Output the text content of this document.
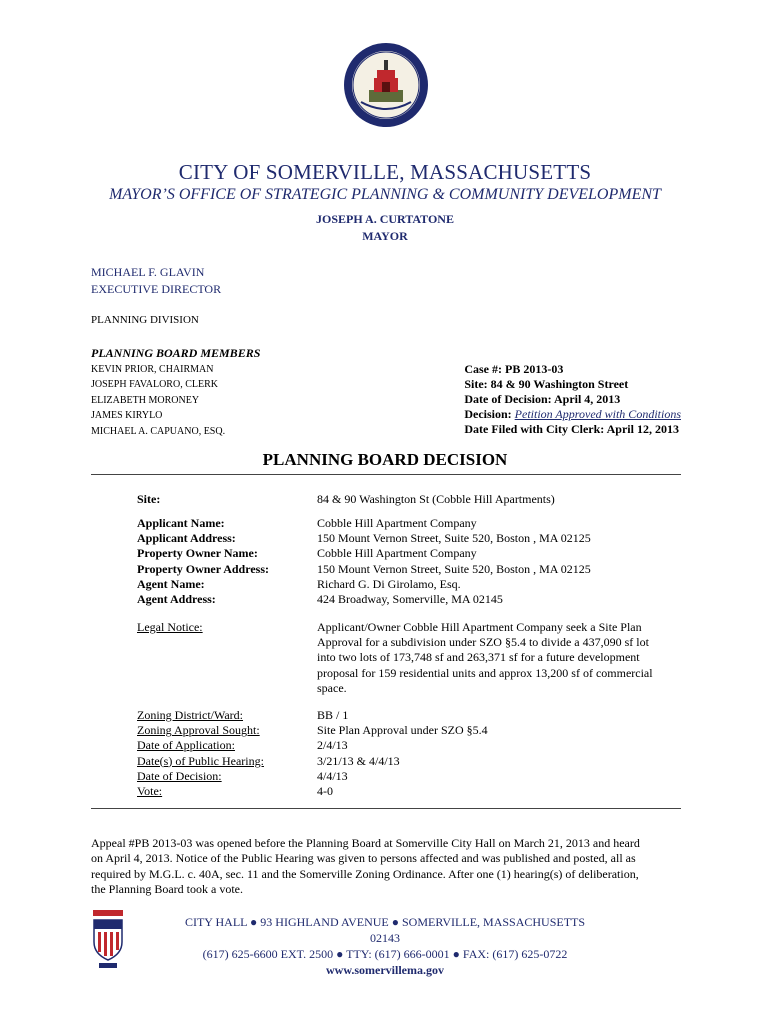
CITY OF SOMERVILLE, MASSACHUSETTS
MAYOR’S OFFICE OF STRATEGIC PLANNING & COMMUNITY DEVELOPMENT
JOSEPH A. CURTATONE
MAYOR
MICHAEL F. GLAVIN
EXECUTIVE DIRECTOR
PLANNING DIVISION
PLANNING BOARD MEMBERS
KEVIN PRIOR, CHAIRMAN
JOSEPH FAVALORO, CLERK
ELIZABETH MORONEY
JAMES KIRYLO
MICHAEL A. CAPUANO, ESQ.
Case #: PB 2013-03
Site: 84 & 90 Washington Street
Date of Decision: April 4, 2013
Decision: Petition Approved with Conditions
Date Filed with City Clerk: April 12, 2013
PLANNING BOARD DECISION
Site:	84 & 90 Washington St (Cobble Hill Apartments)
Applicant Name:
Applicant Address:
Property Owner Name:
Property Owner Address:
Agent Name:
Agent Address:
Cobble Hill Apartment Company
150 Mount Vernon Street, Suite 520, Boston , MA 02125
Cobble Hill Apartment Company
150 Mount Vernon Street, Suite 520, Boston , MA 02125
Richard G. Di Girolamo, Esq.
424 Broadway, Somerville, MA 02145
Legal Notice:	Applicant/Owner Cobble Hill Apartment Company seek a Site Plan
Approval for a subdivision under SZO §5.4 to divide a 437,090 sf lot
into two lots of 173,748 sf and 263,371 sf for a future development
proposal for 159 residential units and approx 13,200 sf of commercial
space.
Zoning District/Ward:
Zoning Approval Sought:
Date of Application:
Date(s) of Public Hearing:
Date of Decision:
Vote:
BB / 1
Site Plan Approval under SZO §5.4
2/4/13
3/21/13 & 4/4/13
4/4/13
4-0
Appeal #PB 2013-03 was opened before the Planning Board at Somerville City Hall on March 21, 2013 and heard
on April 4, 2013. Notice of the Public Hearing was given to persons affected and was published and posted, all as
required by M.G.L. c. 40A, sec. 11 and the Somerville Zoning Ordinance. After one (1) hearing(s) of deliberation,
the Planning Board took a vote.
CITY HALL ● 93 HIGHLAND AVENUE ● SOMERVILLE, MASSACHUSETTS 02143
(617) 625-6600 EXT. 2500 ● TTY: (617) 666-0001 ● FAX: (617) 625-0722
www.somervillema.gov
